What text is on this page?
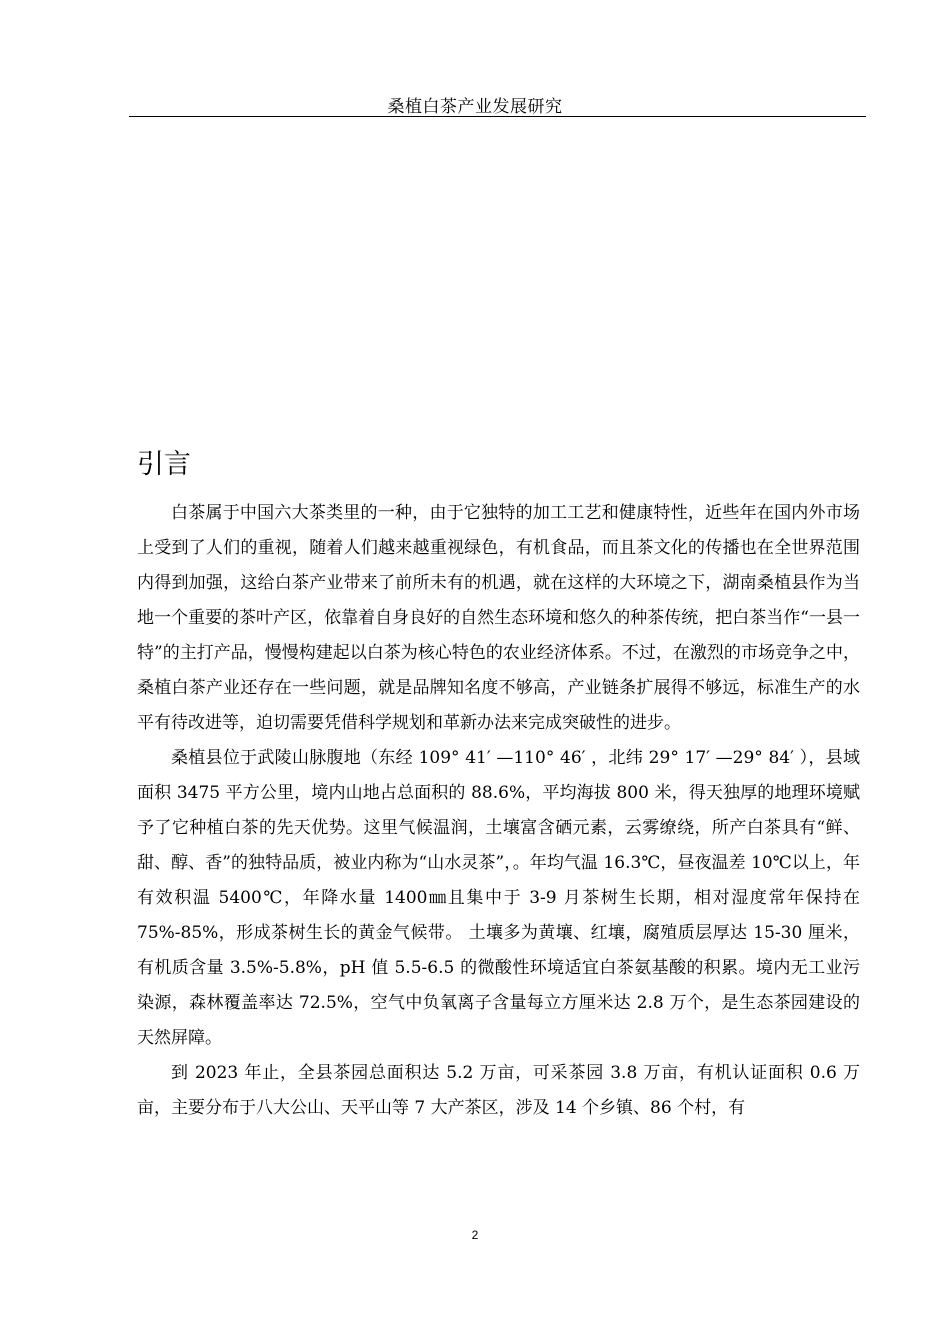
桑植白茶产业发展研究
引言

白茶属于中国六大茶类里的一种，由于它独特的加工工艺和健康特性，近些年在国内外市场上受到了人们的重视，随着人们越来越重视绿色，有机食品，而且茶文化的传播也在全世界范围内得到加强，这给白茶产业带来了前所未有的机遇，就在这样的大环境之下，湖南桑植县作为当地一个重要的茶叶产区，依靠着自身良好的自然生态环境和悠久的种茶传统，把白茶当作“一县一特”的主打产品，慢慢构建起以白茶为核心特色的农业经济体系。不过，在激烈的市场竞争之中，桑植白茶产业还存在一些问题，就是品牌知名度不够高，产业链条扩展得不够远，标准生产的水平有待改进等，迫切需要凭借科学规划和革新办法来完成突破性的进步。

桑植县位于武陵山脉腹地（东经 109° 41′ —110° 46′ ，北纬 29° 17′ —29° 84′ ），县域面积 3475 平方公里，境内山地占总面积的 88.6%，平均海拔 800 米，得天独厚的地理环境赋予了它种植白茶的先天优势。这里气候温润，土壤富含硒元素，云雾缭绕，所产白茶具有“鲜、甜、醇、香”的独特品质，被业内称为“山水灵茶”，。年均气温 16.3℃，昼夜温差 10℃以上，年有效积温 5400℃，年降水量 1400㎜且集中于 3-9 月茶树生长期，相对湿度常年保持在 75%-85%，形成茶树生长的黄金气候带。 土壤多为黄壤、红壤，腐殖质层厚达 15-30 厘米，有机质含量 3.5%-5.8%，pH 值 5.5-6.5 的微酸性环境适宜白茶氨基酸的积累。境内无工业污染源，森林覆盖率达 72.5%，空气中负氧离子含量每立方厘米达 2.8 万个，是生态茶园建设的天然屏障。

到 2023 年止，全县茶园总面积达 5.2 万亩，可采茶园 3.8 万亩，有机认证面积 0.6 万亩，主要分布于八大公山、天平山等 7 大产茶区，涉及 14 个乡镇、86 个村，有

2
